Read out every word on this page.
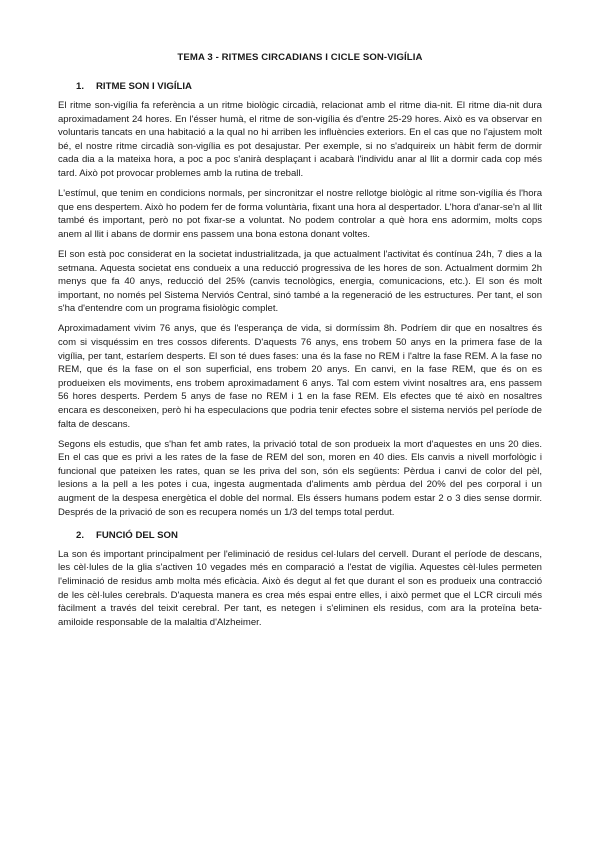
TEMA 3 - RITMES CIRCADIANS I CICLE SON-VIGÍLIA
1. RITME SON I VIGÍLIA

El ritme son-vigília fa referència a un ritme biològic circadià, relacionat amb el ritme dia-nit. El ritme dia-nit dura aproximadament 24 hores. En l'ésser humà, el ritme de son-vigília és d'entre 25-29 hores. Això es va observar en voluntaris tancats en una habitació a la qual no hi arriben les influències exteriors. En el cas que no l'ajustem molt bé, el nostre ritme circadià son-vigília es pot desajustar. Per exemple, si no s'adquireix un hàbit ferm de dormir cada dia a la mateixa hora, a poc a poc s'anirà desplaçant i acabarà l'individu anar al llit a dormir cada cop més tard. Això pot provocar problemes amb la rutina de treball.

L'estímul, que tenim en condicions normals, per sincronitzar el nostre rellotge biològic al ritme son-vigília és l'hora que ens despertem. Això ho podem fer de forma voluntària, fixant una hora al despertador. L'hora d'anar-se'n al llit també és important, però no pot fixar-se a voluntat. No podem controlar a què hora ens adormim, molts cops anem al llit i abans de dormir ens passem una bona estona donant voltes.

El son està poc considerat en la societat industrialitzada, ja que actualment l'activitat és contínua 24h, 7 dies a la setmana. Aquesta societat ens condueix a una reducció progressiva de les hores de son. Actualment dormim 2h menys que fa 40 anys, reducció del 25% (canvis tecnològics, energia, comunicacions, etc.). El son és molt important, no només pel Sistema Nerviós Central, sinó també a la regeneració de les estructures. Per tant, el son s'ha d'entendre com un programa fisiològic complet.

Aproximadament vivim 76 anys, que és l'esperança de vida, si dormíssim 8h. Podríem dir que en nosaltres és com si visquéssim en tres cossos diferents. D'aquests 76 anys, ens trobem 50 anys en la primera fase de la vigília, per tant, estaríem desperts. El son té dues fases: una és la fase no REM i l'altre la fase REM. A la fase no REM, que és la fase on el son superficial, ens trobem 20 anys. En canvi, en la fase REM, que és on es produeixen els moviments, ens trobem aproximadament 6 anys. Tal com estem vivint nosaltres ara, ens passem 56 hores desperts. Perdem 5 anys de fase no REM i 1 en la fase REM. Els efectes que té això en nosaltres encara es desconeixen, però hi ha especulacions que podria tenir efectes sobre el sistema nerviós pel període de falta de descans.

Segons els estudis, que s'han fet amb rates, la privació total de son produeix la mort d'aquestes en uns 20 dies. En el cas que es privi a les rates de la fase de REM del son, moren en 40 dies. Els canvis a nivell morfològic i funcional que pateixen les rates, quan se les priva del son, són els següents: Pèrdua i canvi de color del pèl, lesions a la pell a les potes i cua, ingesta augmentada d'aliments amb pèrdua del 20% del pes corporal i un augment de la despesa energètica el doble del normal. Els éssers humans podem estar 2 o 3 dies sense dormir. Després de la privació de son es recupera només un 1/3 del temps total perdut.

2. FUNCIÓ DEL SON

La son és important principalment per l'eliminació de residus cel·lulars del cervell. Durant el període de descans, les cèl·lules de la glia s'activen 10 vegades més en comparació a l'estat de vigília. Aquestes cèl·lules permeten l'eliminació de residus amb molta més eficàcia. Això és degut al fet que durant el son es produeix una contracció de les cèl·lules cerebrals. D'aquesta manera es crea més espai entre elles, i això permet que el LCR circuli més fàcilment a través del teixit cerebral. Per tant, es netegen i s'eliminen els residus, com ara la proteïna beta-amiloide responsable de la malaltia d'Alzheimer.
